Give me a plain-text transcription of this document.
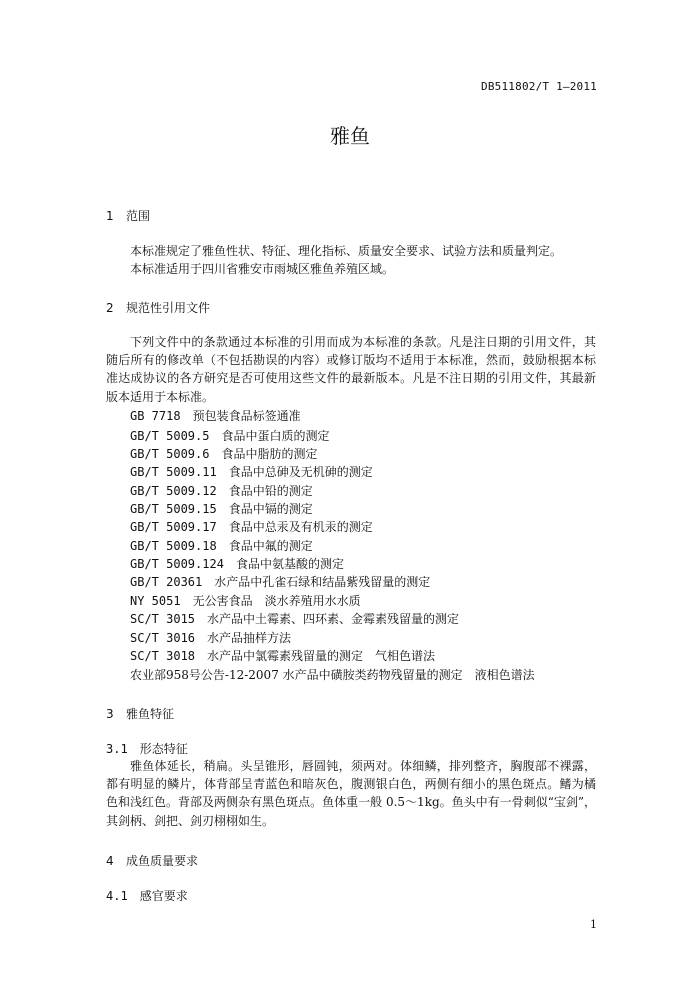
DB511802/T 1—2011
雅鱼
1 范围

本标准规定了雅鱼性状、特征、理化指标、质量安全要求、试验方法和质量判定。

本标准适用于四川省雅安市雨城区雅鱼养殖区域。

2 规范性引用文件

下列文件中的条款通过本标准的引用而成为本标准的条款。凡是注日期的引用文件，其随后所有的修改单（不包括勘误的内容）或修订版均不适用于本标准，然而，鼓励根据本标准达成协议的各方研究是否可使用这些文件的最新版本。凡是不注日期的引用文件，其最新版本适用于本标准。

GB 7718　 预包装食品标签通准
GB/T 5009.5　 食品中蛋白质的测定
GB/T 5009.6　 食品中脂肪的测定
GB/T 5009.11　 食品中总砷及无机砷的测定
GB/T 5009.12　 食品中铅的测定
GB/T 5009.15　 食品中镉的测定
GB/T 5009.17　 食品中总汞及有机汞的测定
GB/T 5009.18　 食品中氟的测定
GB/T 5009.124　 食品中氨基酸的测定
GB/T 20361　 水产品中孔雀石绿和结晶紫残留量的测定
NY 5051　 无公害食品　淡水养殖用水水质
SC/T 3015　 水产品中土霉素、四环素、金霉素残留量的测定
SC/T 3016　 水产品抽样方法
SC/T 3018　 水产品中氯霉素残留量的测定　气相色谱法
农业部958号公告-12-2007 水产品中磺胺类药物残留量的测定　液相色谱法
3 雅鱼特征
3.1　 形态特征

雅鱼体延长，稍扁。头呈锥形，唇圆钝，须两对。体细鳞，排列整齐，胸腹部不裸露，都有明显的鳞片，体背部呈青蓝色和暗灰色，腹测银白色，两侧有细小的黑色斑点。鳍为橘色和浅红色。背部及两侧杂有黑色斑点。鱼体重一般 0.5～1kg。鱼头中有一骨刺似“宝剑”，其剑柄、剑把、剑刃栩栩如生。

4 成鱼质量要求
4.1　 感官要求
1
